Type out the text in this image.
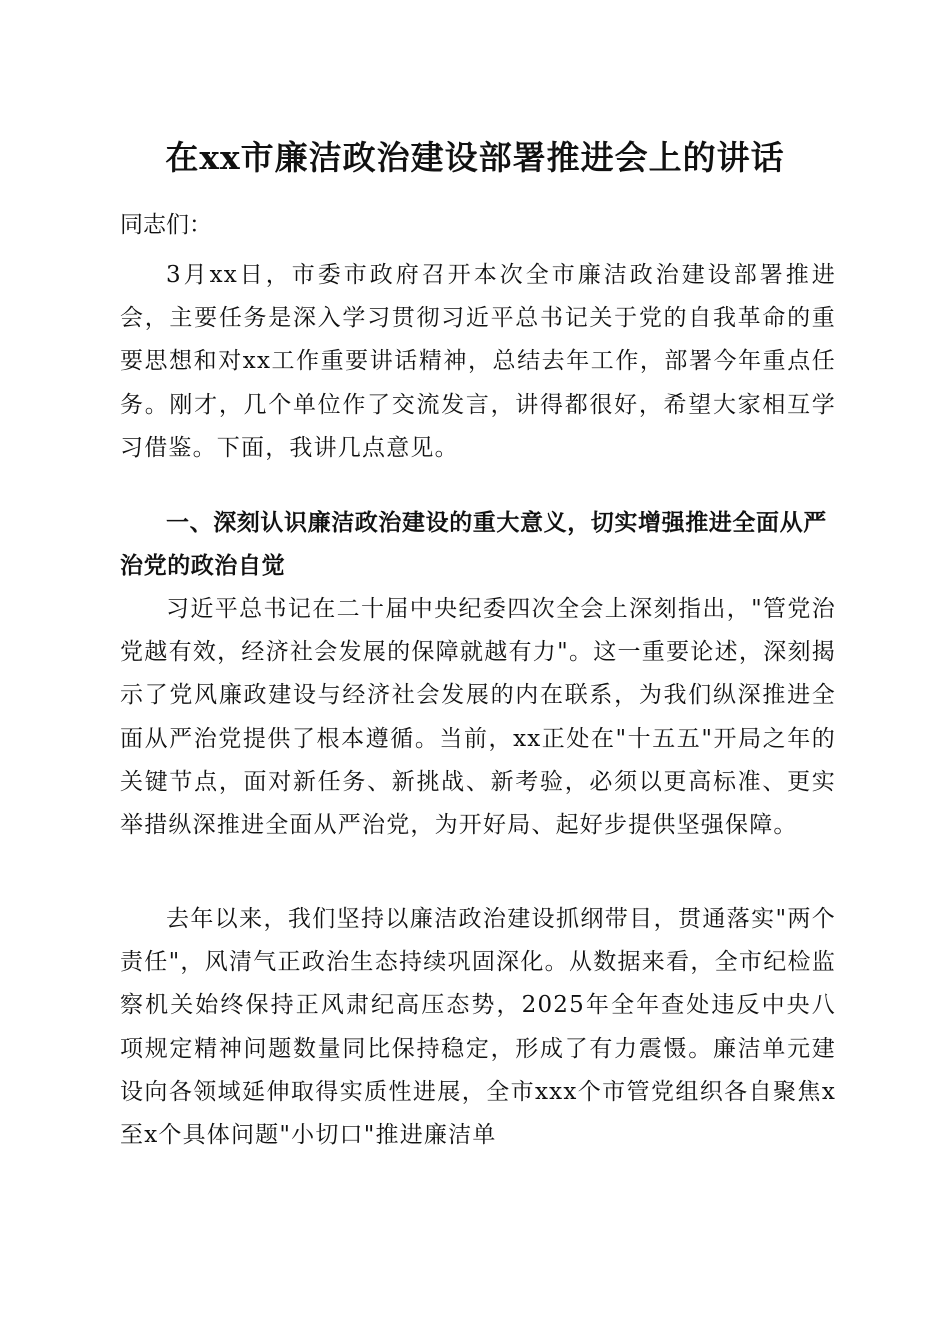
在xx市廉洁政治建设部署推进会上的讲话

同志们：

3月xx日，市委市政府召开本次全市廉洁政治建设部署推进会，主要任务是深入学习贯彻习近平总书记关于党的自我革命的重要思想和对xx工作重要讲话精神，总结去年工作，部署今年重点任务。刚才，几个单位作了交流发言，讲得都很好，希望大家相互学习借鉴。下面，我讲几点意见。

一、深刻认识廉洁政治建设的重大意义，切实增强推进全面从严治党的政治自觉

习近平总书记在二十届中央纪委四次全会上深刻指出，"管党治党越有效，经济社会发展的保障就越有力"。这一重要论述，深刻揭示了党风廉政建设与经济社会发展的内在联系，为我们纵深推进全面从严治党提供了根本遵循。当前，xx正处在"十五五"开局之年的关键节点，面对新任务、新挑战、新考验，必须以更高标准、更实举措纵深推进全面从严治党，为开好局、起好步提供坚强保障。

去年以来，我们坚持以廉洁政治建设抓纲带目，贯通落实"两个责任"，风清气正政治生态持续巩固深化。从数据来看，全市纪检监察机关始终保持正风肃纪高压态势，2025年全年查处违反中央八项规定精神问题数量同比保持稳定，形成了有力震慑。廉洁单元建设向各领域延伸取得实质性进展，全市xxx个市管党组织各自聚焦x至x个具体问题"小切口"推进廉洁单
